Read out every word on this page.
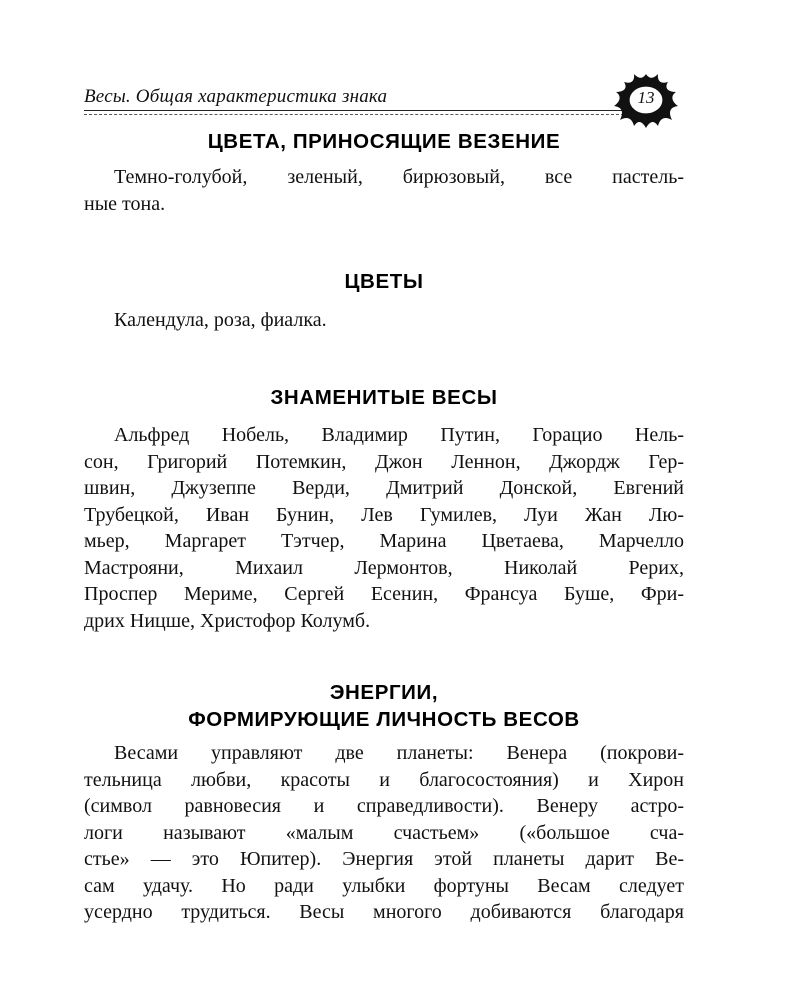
Весы. Общая характеристика знака	13
ЦВЕТА, ПРИНОСЯЩИЕ ВЕЗЕНИЕ
Темно-голубой, зеленый, бирюзовый, все пастель-
ные тона.
ЦВЕТЫ
Календула, роза, фиалка.
ЗНАМЕНИТЫЕ ВЕСЫ
Альфред Нобель, Владимир Путин, Горацио Нель-
сон, Григорий Потемкин, Джон Леннон, Джордж Гер-
швин, Джузеппе Верди, Дмитрий Донской, Евгений
Трубецкой, Иван Бунин, Лев Гумилев, Луи Жан Лю-
мьер, Маргарет Тэтчер, Марина Цветаева, Марчелло
Мастрояни, Михаил Лермонтов, Николай Рерих,
Проспер Мериме, Сергей Есенин, Франсуа Буше, Фри-
дрих Ницше, Христофор Колумб.
ЭНЕРГИИ,
ФОРМИРУЮЩИЕ ЛИЧНОСТЬ ВЕСОВ
Весами управляют две планеты: Венера (покрови-
тельница любви, красоты и благосостояния) и Хирон
(символ равновесия и справедливости). Венеру астро-
логи называют «малым счастьем» («большое сча-
стье» — это Юпитер). Энергия этой планеты дарит Ве-
сам удачу. Но ради улыбки фортуны Весам следует
усердно трудиться. Весы многого добиваются благодаря
